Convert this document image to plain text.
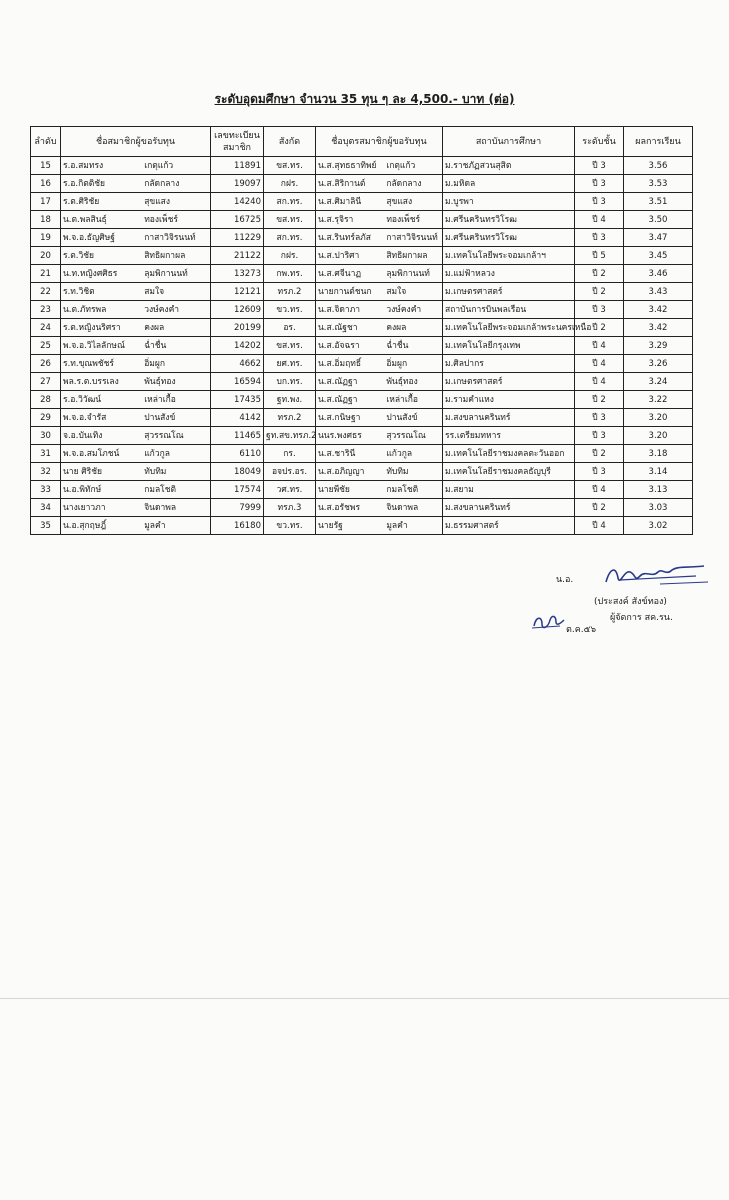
ระดับอุดมศึกษา จำนวน 35 ทุน ๆ ละ 4,500.- บาท (ต่อ)
ลำดับ	ชื่อสมาชิกผู้ขอรับทุน	เลขทะเบียน สมาชิก	สังกัด	ชื่อบุตรสมาชิกผู้ขอรับทุน	สถาบันการศึกษา	ระดับชั้น	ผลการเรียน
15	ร.อ.สมทรง เกตุแก้ว	11891	ขส.ทร.	น.ส.สุทธธาทิพย์ เกตุแก้ว	ม.ราชภัฏสวนสุสิต	ปี 3	3.56
16	ร.อ.กิตติชัย กลัดกลาง	19097	กฝร.	น.ส.สิริกานต์ กลัดกลาง	ม.มหิดล	ปี 3	3.53
17	ร.ต.ศิริชัย สุขแสง	14240	สก.ทร.	น.ส.ศิมาลินี สุขแสง	ม.บูรพา	ปี 3	3.51
18	น.ต.พลสินธุ์ ทองเพ็ชร์	16725	ขส.ทร.	น.ส.รุจิรา ทองเพ็ชร์	ม.ศรีนครินทรวิโรฒ	ปี 4	3.50
19	พ.จ.อ.ธัญศิษฐ์ กาสาวิจิรนนท์	11229	สก.ทร.	น.ส.รินทร์ลภัส กาสาวิจิรนนท์	ม.ศรีนครินทรวิโรฒ	ปี 3	3.47
20	ร.ต.วิชัย สิทธิผกาผล	21122	กฝร.	น.ส.ปาริศา สิทธิผกาผล	ม.เทคโนโลยีพระจอมเกล้าฯ	ปี 5	3.45
21	น.ท.หญิงศศิธร ลุมพิกานนท์	13273	กพ.ทร.	น.ส.ศจีนาฏ ลุมพิกานนท์	ม.แม่ฟ้าหลวง	ปี 2	3.46
22	ร.ท.วิชิต สมใจ	12121	ทรภ.2	นายกานต์ชนก สมใจ	ม.เกษตรศาสตร์	ปี 2	3.43
23	น.ต.ภัทรพล วงษ์คงคำ	12609	ขว.ทร.	น.ส.จิดาภา วงษ์คงคำ	สถาบันการบินพลเรือน	ปี 3	3.42
24	ร.ต.หญิงนริศรา คงผล	20199	อร.	น.ส.ณัฐชา คงผล	ม.เทคโนโลยีพระจอมเกล้าพระนครเหนือ	ปี 2	3.42
25	พ.จ.อ.วิไลลักษณ์ ฉ่ำชื่น	14202	ขส.ทร.	น.ส.อัจฉรา ฉ่ำชื่น	ม.เทคโนโลยีกรุงเทพ	ปี 4	3.29
26	ร.ท.ขุณพชัชร์ อิ่มผูก	4662	ยศ.ทร.	น.ส.อิ่มฤทธิ์ อิ่มผูก	ม.ศิลปากร	ปี 4	3.26
27	พล.ร.ต.บรรเลง พันธุ์ทอง	16594	บก.ทร.	น.ส.ณัฏฐา พันธุ์ทอง	ม.เกษตรศาสตร์	ปี 4	3.24
28	ร.อ.วิวัฒน์ เหล่าเกื้อ	17435	ฐท.พง.	น.ส.ณัฏฐา เหล่าเกื้อ	ม.รามคำแหง	ปี 2	3.22
29	พ.จ.อ.จำรัส ปานสังข์	4142	ทรภ.2	น.ส.กนิษฐา ปานสังข์	ม.สงขลานครินทร์	ปี 3	3.20
30	จ.อ.บันเทิง สุวรรณโณ	11465	ฐท.สข.ทรภ.2	นนร.พงศธร สุวรรณโณ	รร.เตรียมทหาร	ปี 3	3.20
31	พ.จ.อ.สมโภชน์ แก้วกูล	6110	กร.	น.ส.ชารินี แก้วกูล	ม.เทคโนโลยีราชมงคลตะวันออก	ปี 2	3.18
32	นาย ศิริชัย ทับทิม	18049	อจปร.อร.	น.ส.อภิญญา ทับทิม	ม.เทคโนโลยีราชมงคลธัญบุรี	ปี 3	3.14
33	น.อ.พิทักษ์ กมลโชติ	17574	วศ.ทร.	นายพีชัย กมลโชติ	ม.สยาม	ปี 4	3.13
34	นางเยาวภา จินดาพล	7999	ทรภ.3	น.ส.อรัชพร จินดาพล	ม.สงขลานครินทร์	ปี 2	3.03
35	น.อ.สุกฤษฎิ์ มูลคำ	16180	ขว.ทร.	นายรัฐ มูลคำ	ม.ธรรมศาสตร์	ปี 4	3.02
น.อ.
(ประสงค์ สังข์ทอง)
ผู้จัดการ สค.รน.
ต.ค.๕๖
